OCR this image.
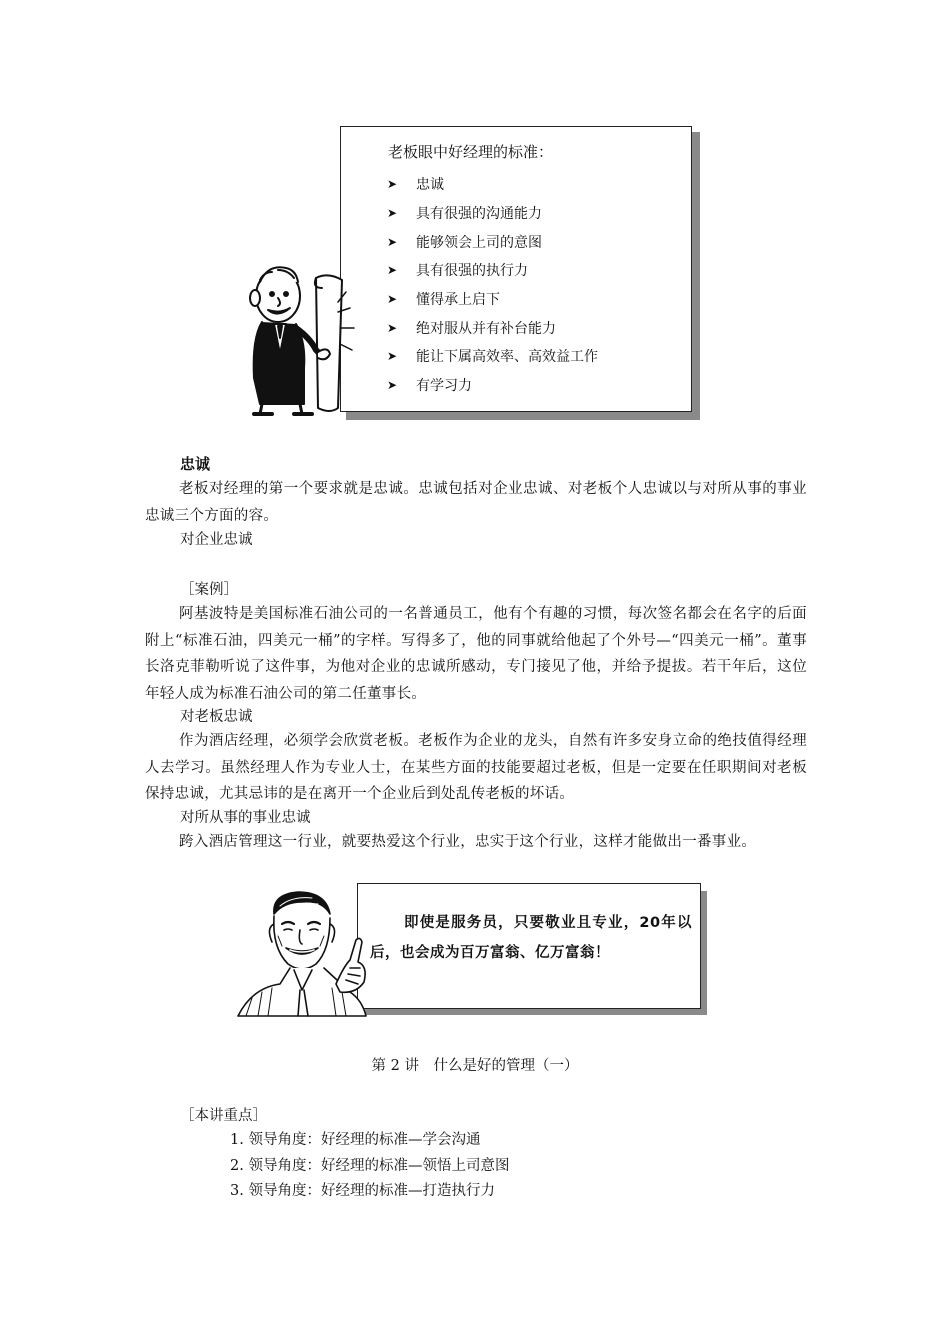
老板眼中好经理的标准：
➤ 忠诚
➤ 具有很强的沟通能力
➤ 能够领会上司的意图
➤ 具有很强的执行力
➤ 懂得承上启下
➤ 绝对服从并有补台能力
➤ 能让下属高效率、高效益工作
➤ 有学习力
忠诚
老板对经理的第一个要求就是忠诚。忠诚包括对企业忠诚、对老板个人忠诚以与对所从事的事业忠诚三个方面的容。
对企业忠诚
［案例］
阿基波特是美国标准石油公司的一名普通员工，他有个有趣的习惯，每次签名都会在名字的后面附上“标准石油，四美元一桶”的字样。写得多了，他的同事就给他起了个外号—“四美元一桶”。董事长洛克菲勒听说了这件事，为他对企业的忠诚所感动，专门接见了他，并给予提拔。若干年后，这位年轻人成为标准石油公司的第二任董事长。
对老板忠诚
作为酒店经理，必须学会欣赏老板。老板作为企业的龙头，自然有许多安身立命的绝技值得经理人去学习。虽然经理人作为专业人士，在某些方面的技能要超过老板，但是一定要在任职期间对老板保持忠诚，尤其忌讳的是在离开一个企业后到处乱传老板的坏话。
对所从事的事业忠诚
跨入酒店管理这一行业，就要热爱这个行业，忠实于这个行业，这样才能做出一番事业。
即使是服务员，只要敬业且专业，20年以后，也会成为百万富翁、亿万富翁！
第 2 讲　什么是好的管理（一）
［本讲重点］
1. 领导角度：好经理的标准—学会沟通
2. 领导角度：好经理的标准—领悟上司意图
3. 领导角度：好经理的标准—打造执行力
